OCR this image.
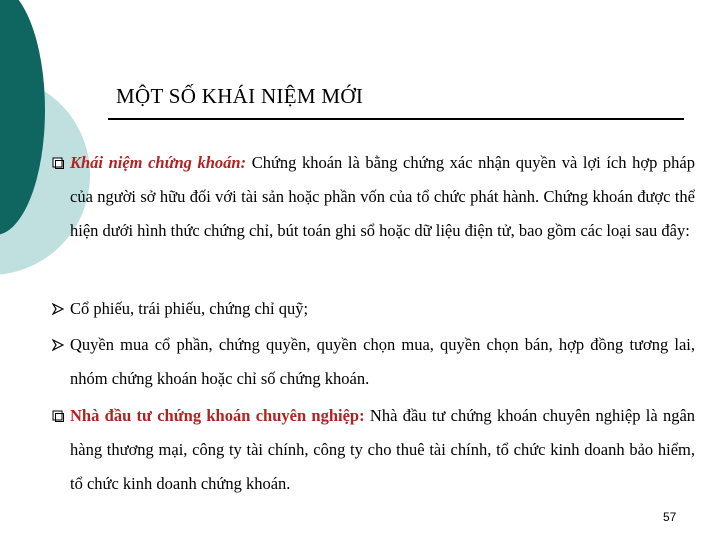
MỘT SỐ KHÁI NIỆM MỚI
Khái niệm chứng khoán: Chứng khoán là bằng chứng xác nhận quyền và lợi ích hợp pháp của người sở hữu đối với tài sản hoặc phần vốn của tổ chức phát hành. Chứng khoán được thể hiện dưới hình thức chứng chỉ, bút toán ghi sổ hoặc dữ liệu điện tử, bao gồm các loại sau đây:
Cổ phiếu, trái phiếu, chứng chỉ quỹ;
Quyền mua cổ phần, chứng quyền, quyền chọn mua, quyền chọn bán, hợp đồng tương lai, nhóm chứng khoán hoặc chỉ số chứng khoán.
Nhà đầu tư chứng khoán chuyên nghiệp: Nhà đầu tư chứng khoán chuyên nghiệp là ngân hàng thương mại, công ty tài chính, công ty cho thuê tài chính, tổ chức kinh doanh bảo hiểm, tổ chức kinh doanh chứng khoán.
57
